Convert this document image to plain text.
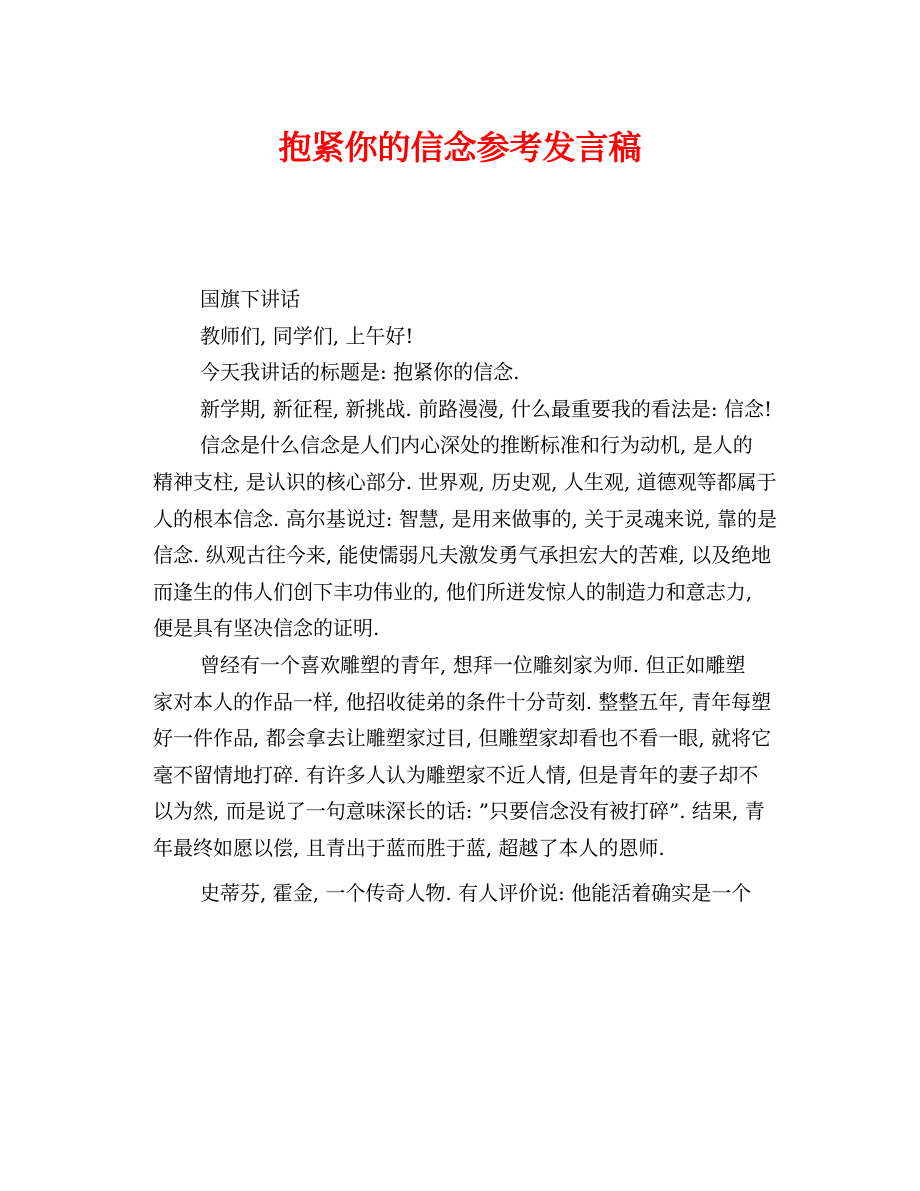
抱紧你的信念参考发言稿
国旗下讲话
教师们, 同学们, 上午好!
今天我讲话的标题是: 抱紧你的信念.
新学期, 新征程, 新挑战. 前路漫漫, 什么最重要我的看法是: 信念!
信念是什么信念是人们内心深处的推断标准和行为动机, 是人的
精神支柱, 是认识的核心部分. 世界观, 历史观, 人生观, 道德观等都属于
人的根本信念. 高尔基说过: 智慧, 是用来做事的, 关于灵魂来说, 靠的是
信念. 纵观古往今来, 能使懦弱凡夫激发勇气承担宏大的苦难, 以及绝地
而逢生的伟人们创下丰功伟业的, 他们所迸发惊人的制造力和意志力,
便是具有坚决信念的证明.
曾经有一个喜欢雕塑的青年, 想拜一位雕刻家为师. 但正如雕塑
家对本人的作品一样, 他招收徒弟的条件十分苛刻. 整整五年, 青年每塑
好一件作品, 都会拿去让雕塑家过目, 但雕塑家却看也不看一眼, 就将它
毫不留情地打碎. 有许多人认为雕塑家不近人情, 但是青年的妻子却不
以为然, 而是说了一句意味深长的话: ”只要信念没有被打碎”. 结果, 青
年最终如愿以偿, 且青出于蓝而胜于蓝, 超越了本人的恩师.
史蒂芬, 霍金, 一个传奇人物. 有人评价说: 他能活着确实是一个
